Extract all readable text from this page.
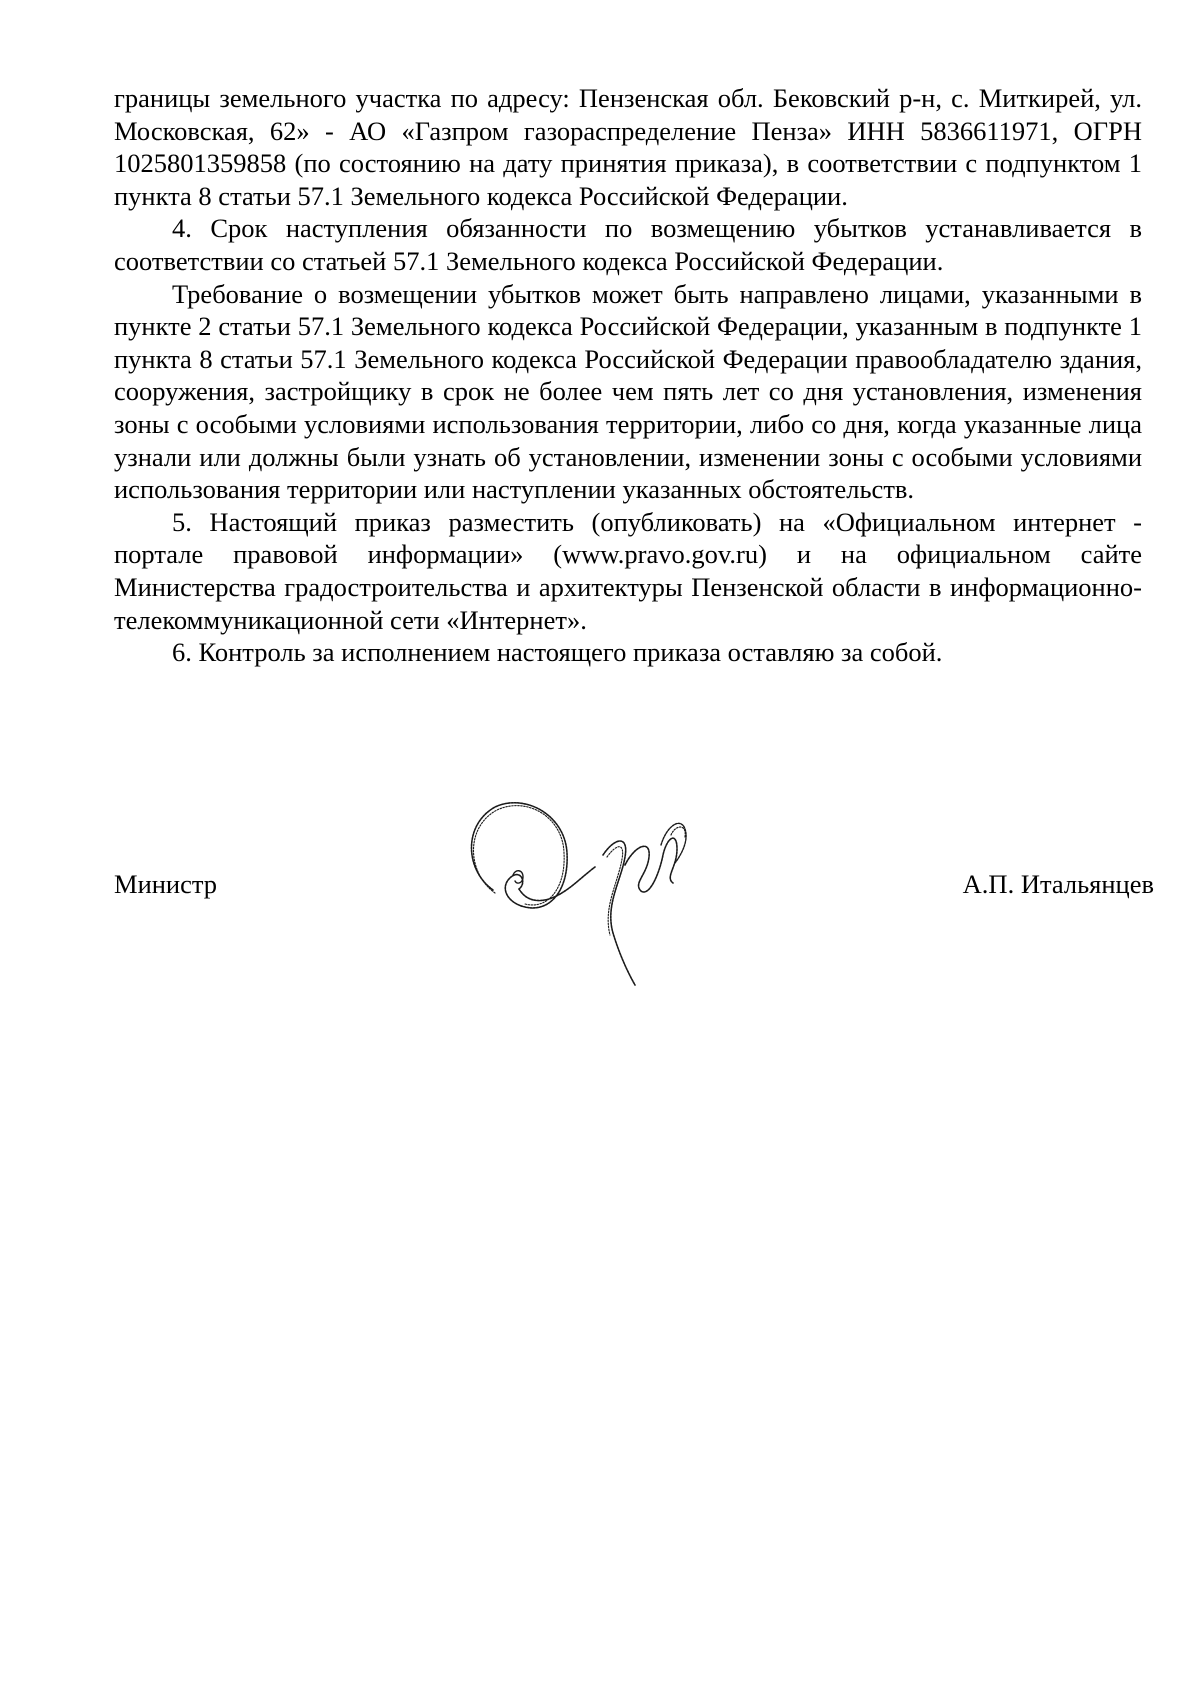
границы земельного участка по адресу: Пензенская обл. Бековский р-н, с. Миткирей, ул. Московская, 62» - АО «Газпром газораспределение Пенза» ИНН 5836611971, ОГРН 1025801359858 (по состоянию на дату принятия приказа), в соответствии с подпунктом 1 пункта 8 статьи 57.1 Земельного кодекса Российской Федерации.

4. Срок наступления обязанности по возмещению убытков устанавливается в соответствии со статьей 57.1 Земельного кодекса Российской Федерации.

Требование о возмещении убытков может быть направлено лицами, указанными в пункте 2 статьи 57.1 Земельного кодекса Российской Федерации, указанным в подпункте 1 пункта 8 статьи 57.1 Земельного кодекса Российской Федерации правообладателю здания, сооружения, застройщику в срок не более чем пять лет со дня установления, изменения зоны с особыми условиями использования территории, либо со дня, когда указанные лица узнали или должны были узнать об установлении, изменении зоны с особыми условиями использования территории или наступлении указанных обстоятельств.

5. Настоящий приказ разместить (опубликовать) на «Официальном интернет - портале правовой информации» (www.pravo.gov.ru) и на официальном сайте Министерства градостроительства и архитектуры Пензенской области в информационно-телекоммуникационной сети «Интернет».

6. Контроль за исполнением настоящего приказа оставляю за собой.

Министр	А.П. Итальянцев
